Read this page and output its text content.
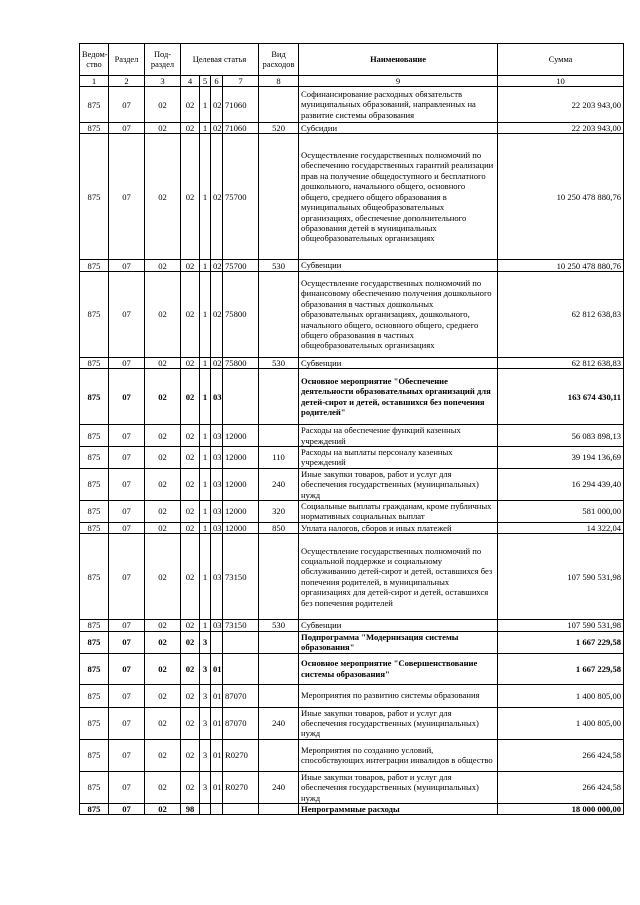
Ведом-ство	Раздел	Под-раздел	Целевая статья				Вид расходов	Наименование	Сумма
1	2	3	4	5	6	7	8	9	10
875	07	02	02	1	02	71060		Софинансирование расходных обязательств муниципальных образований, направленных на развитие системы образования	22 203 943,00
875	07	02	02	1	02	71060	520	Субсидии	22 203 943,00
875	07	02	02	1	02	75700		Осуществление государственных полномочий по обеспечению государственных гарантий реализации прав на получение общедоступного и бесплатного дошкольного, начального общего, основного общего, среднего общего образования в муниципальных общеобразовательных организациях, обеспечение дополнительного образования детей в муниципальных общеобразовательных организациях	10 250 478 880,76
875	07	02	02	1	02	75700	530	Субвенции	10 250 478 880,76
875	07	02	02	1	02	75800		Осуществление государственных полномочий по финансовому обеспечению получения дошкольного образования в частных дошкольных образовательных организациях, дошкольного, начального общего, основного общего, среднего общего образования в частных общеобразовательных организациях	62 812 638,83
875	07	02	02	1	02	75800	530	Субвенции	62 812 638,83
875	07	02	02	1	03			Основное мероприятие "Обеспечение деятельности образовательных организаций для детей-сирот и детей, оставшихся без попечения родителей"	163 674 430,11
875	07	02	02	1	03	12000		Расходы на обеспечение функций казенных учреждений	56 083 898,13
875	07	02	02	1	03	12000	110	Расходы на выплаты персоналу казенных учреждений	39 194 136,69
875	07	02	02	1	03	12000	240	Иные закупки товаров, работ и услуг для обеспечения государственных (муниципальных) нужд	16 294 439,40
875	07	02	02	1	03	12000	320	Социальные выплаты гражданам, кроме публичных нормативных социальных выплат	581 000,00
875	07	02	02	1	03	12000	850	Уплата налогов, сборов и иных платежей	14 322,04
875	07	02	02	1	03	73150		Осуществление государственных полномочий по социальной поддержке и социальному обслуживанию детей-сирот и детей, оставшихся без попечения родителей, в муниципальных организациях для детей-сирот и детей, оставшихся без попечения родителей	107 590 531,98
875	07	02	02	1	03	73150	530	Субвенции	107 590 531,98
875	07	02	02	3				Подпрограмма "Модернизация системы образования"	1 667 229,58
875	07	02	02	3	01			Основное мероприятие "Совершенствование системы образования"	1 667 229,58
875	07	02	02	3	01	87070		Мероприятия по развитию системы образования	1 400 805,00
875	07	02	02	3	01	87070	240	Иные закупки товаров, работ и услуг для обеспечения государственных (муниципальных) нужд	1 400 805,00
875	07	02	02	3	01	R0270		Мероприятия по созданию условий, способствующих интеграции инвалидов в общество	266 424,58
875	07	02	02	3	01	R0270	240	Иные закупки товаров, работ и услуг для обеспечения государственных (муниципальных) нужд	266 424,58
875	07	02	98					Непрограммные расходы	18 000 000,00
